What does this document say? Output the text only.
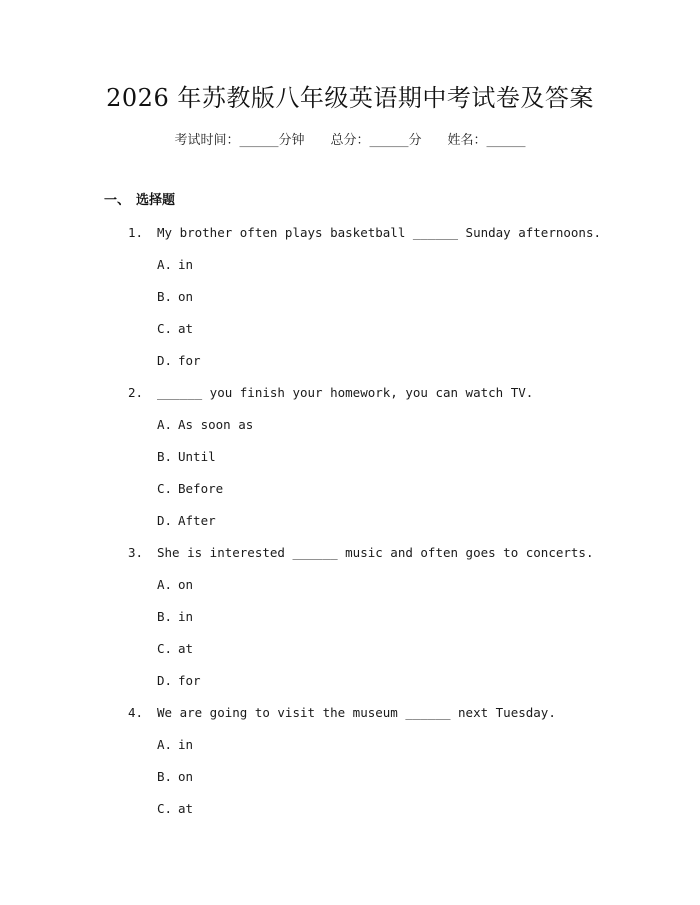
2026 年苏教版八年级英语期中考试卷及答案
考试时间：______分钟 总分：______分 姓名：______
一、 选择题
1. My brother often plays basketball ______ Sunday afternoons.
A. in
B. on
C. at
D. for
2. ______ you finish your homework, you can watch TV.
A. As soon as
B. Until
C. Before
D. After
3. She is interested ______ music and often goes to concerts.
A. on
B. in
C. at
D. for
4. We are going to visit the museum ______ next Tuesday.
A. in
B. on
C. at
